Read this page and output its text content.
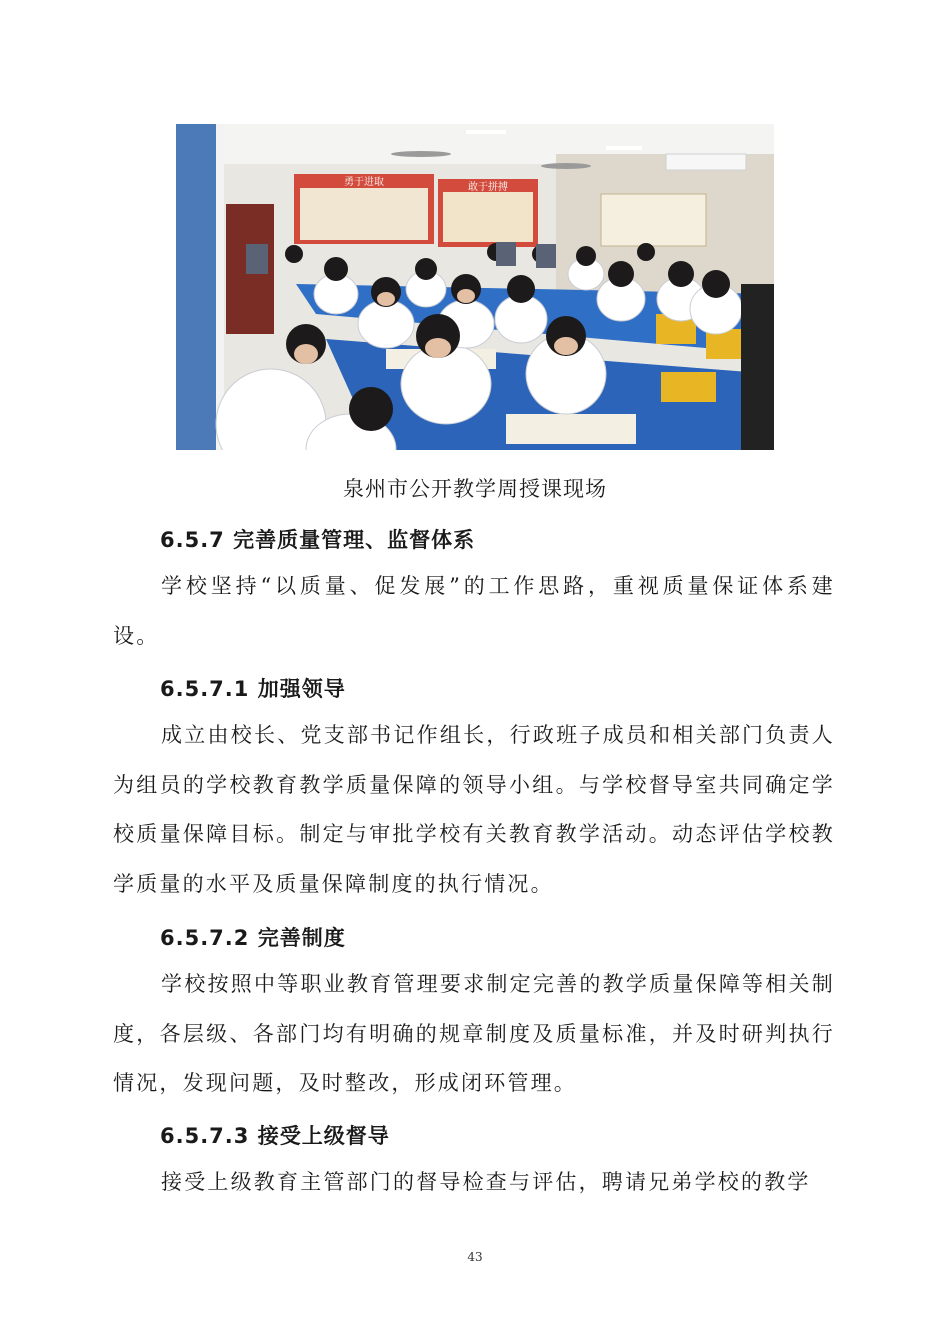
勇于进取	敢于拼搏
泉州市公开教学周授课现场
6.5.7 完善质量管理、监督体系

学校坚持“以质量、促发展”的工作思路，重视质量保证体系建设。

6.5.7.1 加强领导

成立由校长、党支部书记作组长，行政班子成员和相关部门负责人为组员的学校教育教学质量保障的领导小组。与学校督导室共同确定学校质量保障目标。制定与审批学校有关教育教学活动。动态评估学校教学质量的水平及质量保障制度的执行情况。

6.5.7.2 完善制度

学校按照中等职业教育管理要求制定完善的教学质量保障等相关制度，各层级、各部门均有明确的规章制度及质量标准，并及时研判执行情况，发现问题，及时整改，形成闭环管理。

6.5.7.3 接受上级督导

接受上级教育主管部门的督导检查与评估，聘请兄弟学校的教学

43
